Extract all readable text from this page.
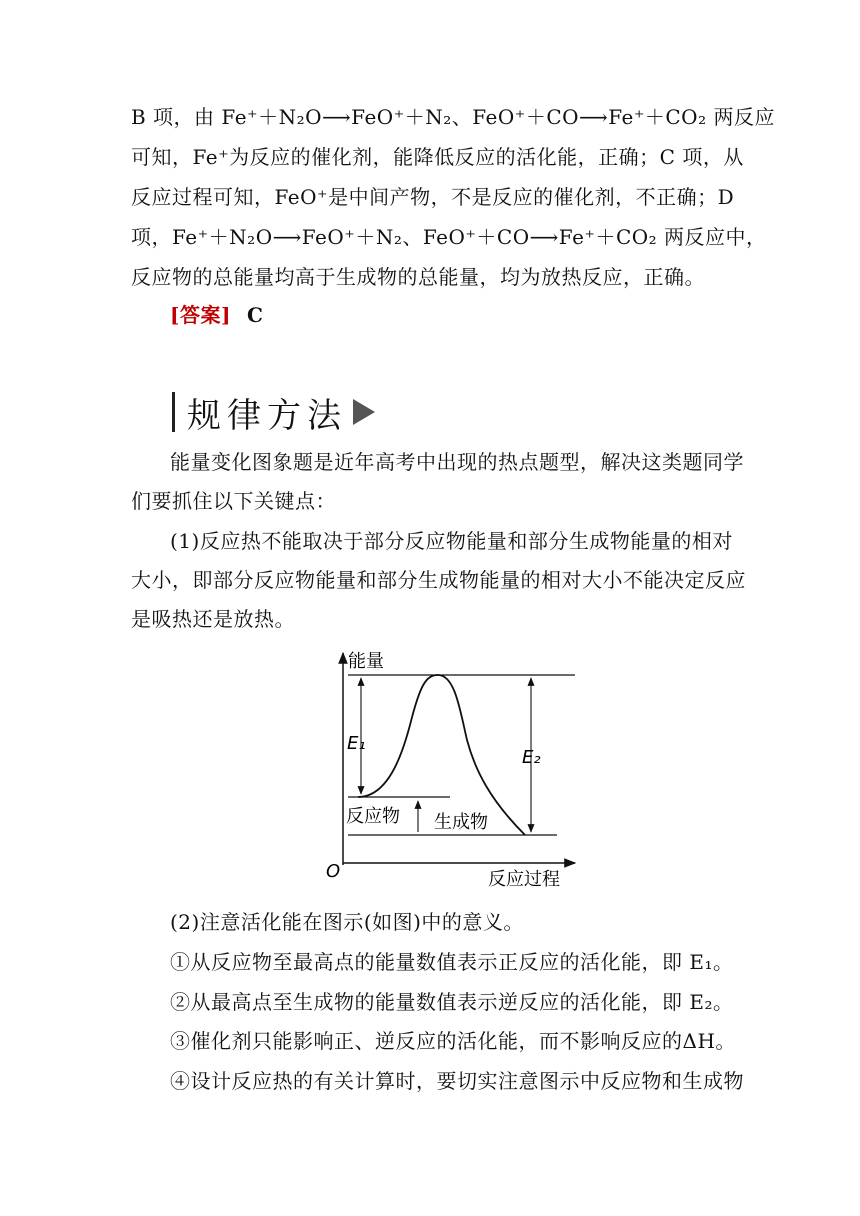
B 项，由 Fe⁺＋N₂O⟶FeO⁺＋N₂、FeO⁺＋CO⟶Fe⁺＋CO₂ 两反应
可知，Fe⁺为反应的催化剂，能降低反应的活化能，正确；C 项，从
反应过程可知，FeO⁺是中间产物，不是反应的催化剂，不正确；D
项，Fe⁺＋N₂O⟶FeO⁺＋N₂、FeO⁺＋CO⟶Fe⁺＋CO₂ 两反应中，
反应物的总能量均高于生成物的总能量，均为放热反应，正确。
[答案] C
规律方法
能量变化图象题是近年高考中出现的热点题型，解决这类题同学
们要抓住以下关键点：
(1)反应热不能取决于部分反应物能量和部分生成物能量的相对
大小，即部分反应物能量和部分生成物能量的相对大小不能决定反应
是吸热还是放热。
能量
反应过程
O
E₁
E₂
反应物 生成物
(2)注意活化能在图示(如图)中的意义。
①从反应物至最高点的能量数值表示正反应的活化能，即 E₁。
②从最高点至生成物的能量数值表示逆反应的活化能，即 E₂。
③催化剂只能影响正、逆反应的活化能，而不影响反应的ΔH。
④设计反应热的有关计算时，要切实注意图示中反应物和生成物
